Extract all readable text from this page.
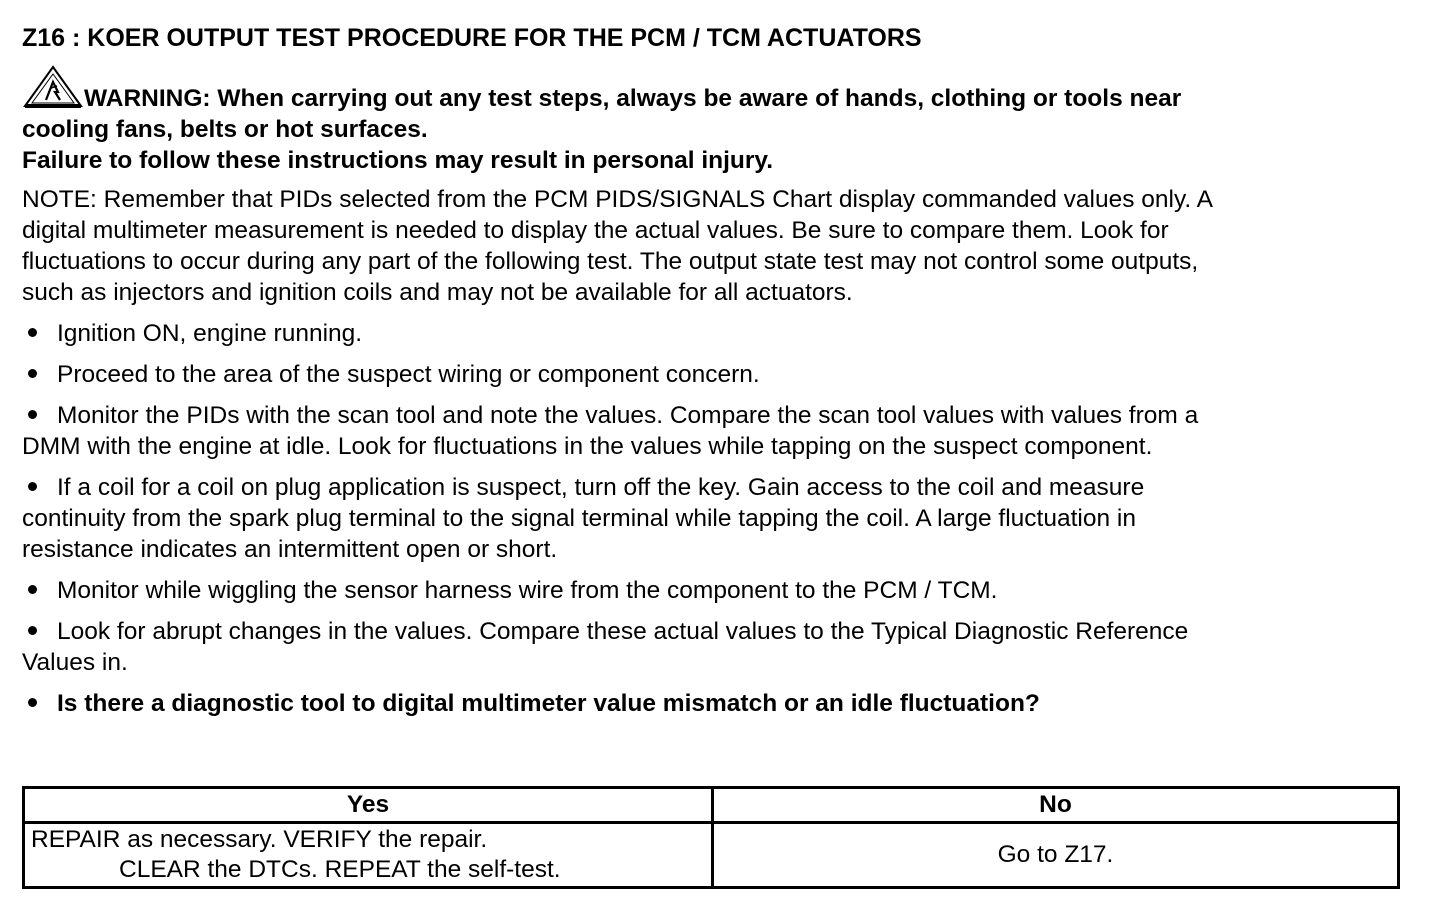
Z16 : KOER OUTPUT TEST PROCEDURE FOR THE PCM / TCM ACTUATORS
WARNING: When carrying out any test steps, always be aware of hands, clothing or tools near
cooling fans, belts or hot surfaces.
Failure to follow these instructions may result in personal injury.
NOTE: Remember that PIDs selected from the PCM PIDS/SIGNALS Chart display commanded values only. A
digital multimeter measurement is needed to display the actual values. Be sure to compare them. Look for
fluctuations to occur during any part of the following test. The output state test may not control some outputs,
such as injectors and ignition coils and may not be available for all actuators.
Ignition ON, engine running.
Proceed to the area of the suspect wiring or component concern.
Monitor the PIDs with the scan tool and note the values. Compare the scan tool values with values from a
DMM with the engine at idle. Look for fluctuations in the values while tapping on the suspect component.
If a coil for a coil on plug application is suspect, turn off the key. Gain access to the coil and measure
continuity from the spark plug terminal to the signal terminal while tapping the coil. A large fluctuation in
resistance indicates an intermittent open or short.
Monitor while wiggling the sensor harness wire from the component to the PCM / TCM.
Look for abrupt changes in the values. Compare these actual values to the Typical Diagnostic Reference
Values in.
Is there a diagnostic tool to digital multimeter value mismatch or an idle fluctuation?
Yes	No

REPAIR as necessary. VERIFY the repair.
CLEAR the DTCs. REPEAT the self-test.	Go to Z17.
